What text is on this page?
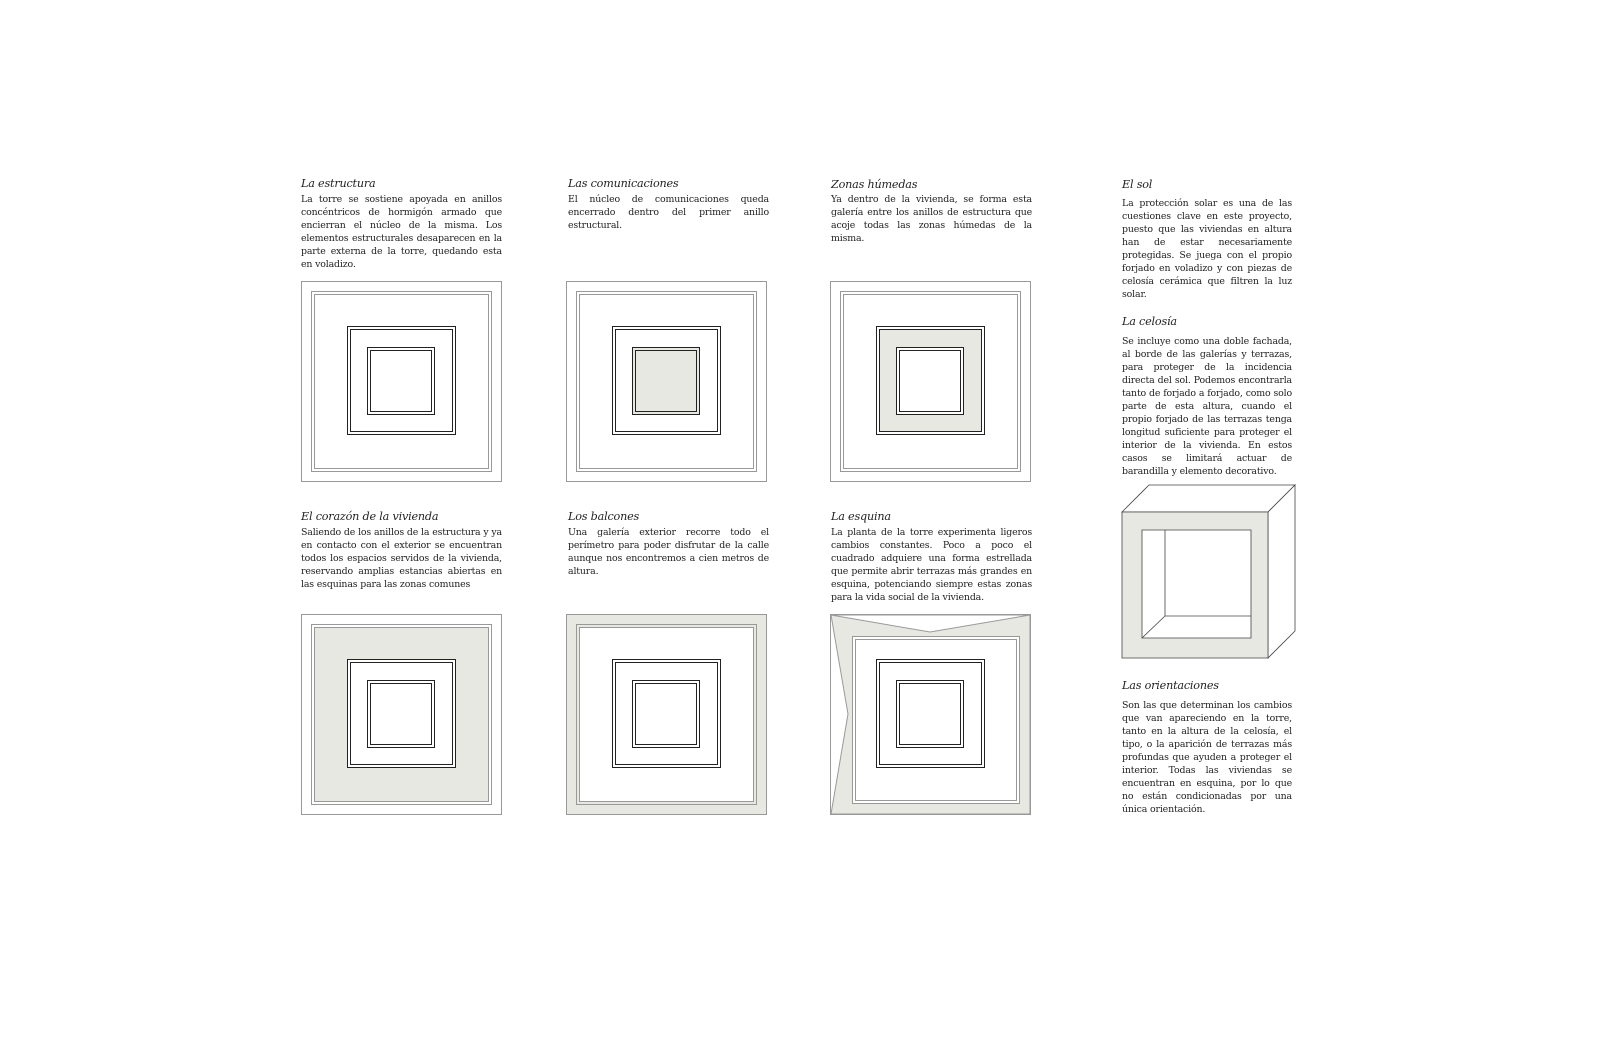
La estructura
La torre se sostiene apoyada en anillos concéntricos de hormigón armado que encierran el núcleo de la misma. Los elementos estructurales desaparecen en la parte externa de la torre, quedando esta en voladizo.
Las comunicaciones
El núcleo de comunicaciones queda encerrado dentro del primer anillo estructural.
Zonas húmedas
Ya dentro de la vivienda, se forma esta galería entre los anillos de estructura que acoje todas las zonas húmedas de la misma.
El corazón de la vivienda
Saliendo de los anillos de la estructura y ya en contacto con el exterior se encuentran todos los espacios servidos de la vivienda, reservando amplias estancias abiertas en las esquinas para las zonas comunes
Los balcones
Una galería exterior recorre todo el perímetro para poder disfrutar de la calle aunque nos encontremos a cien metros de altura.
La esquina
La planta de la torre experimenta ligeros cambios constantes. Poco a poco el cuadrado adquiere una forma estrellada que permite abrir terrazas más grandes en esquina, potenciando siempre estas zonas para la vida social de la vivienda.
El sol
La protección solar es una de las cuestiones clave en este proyecto, puesto que las viviendas en altura han de estar necesariamente protegidas. Se juega con el propio forjado en voladizo y con piezas de celosía cerámica que filtren la luz solar.
La celosía
Se incluye como una doble fachada, al borde de las galerías y terrazas, para proteger de la incidencia directa del sol. Podemos encontrarla tanto de forjado a forjado, como solo parte de esta altura, cuando el propio forjado de las terrazas tenga longitud suficiente para proteger el interior de la vivienda. En estos casos se limitará actuar de barandilla y elemento decorativo.
Las orientaciones
Son las que determinan los cambios que van apareciendo en la torre, tanto en la altura de la celosía, el tipo, o la aparición de terrazas más profundas que ayuden a proteger el interior. Todas las viviendas se encuentran en esquina, por lo que no están condicionadas por una única orientación.
